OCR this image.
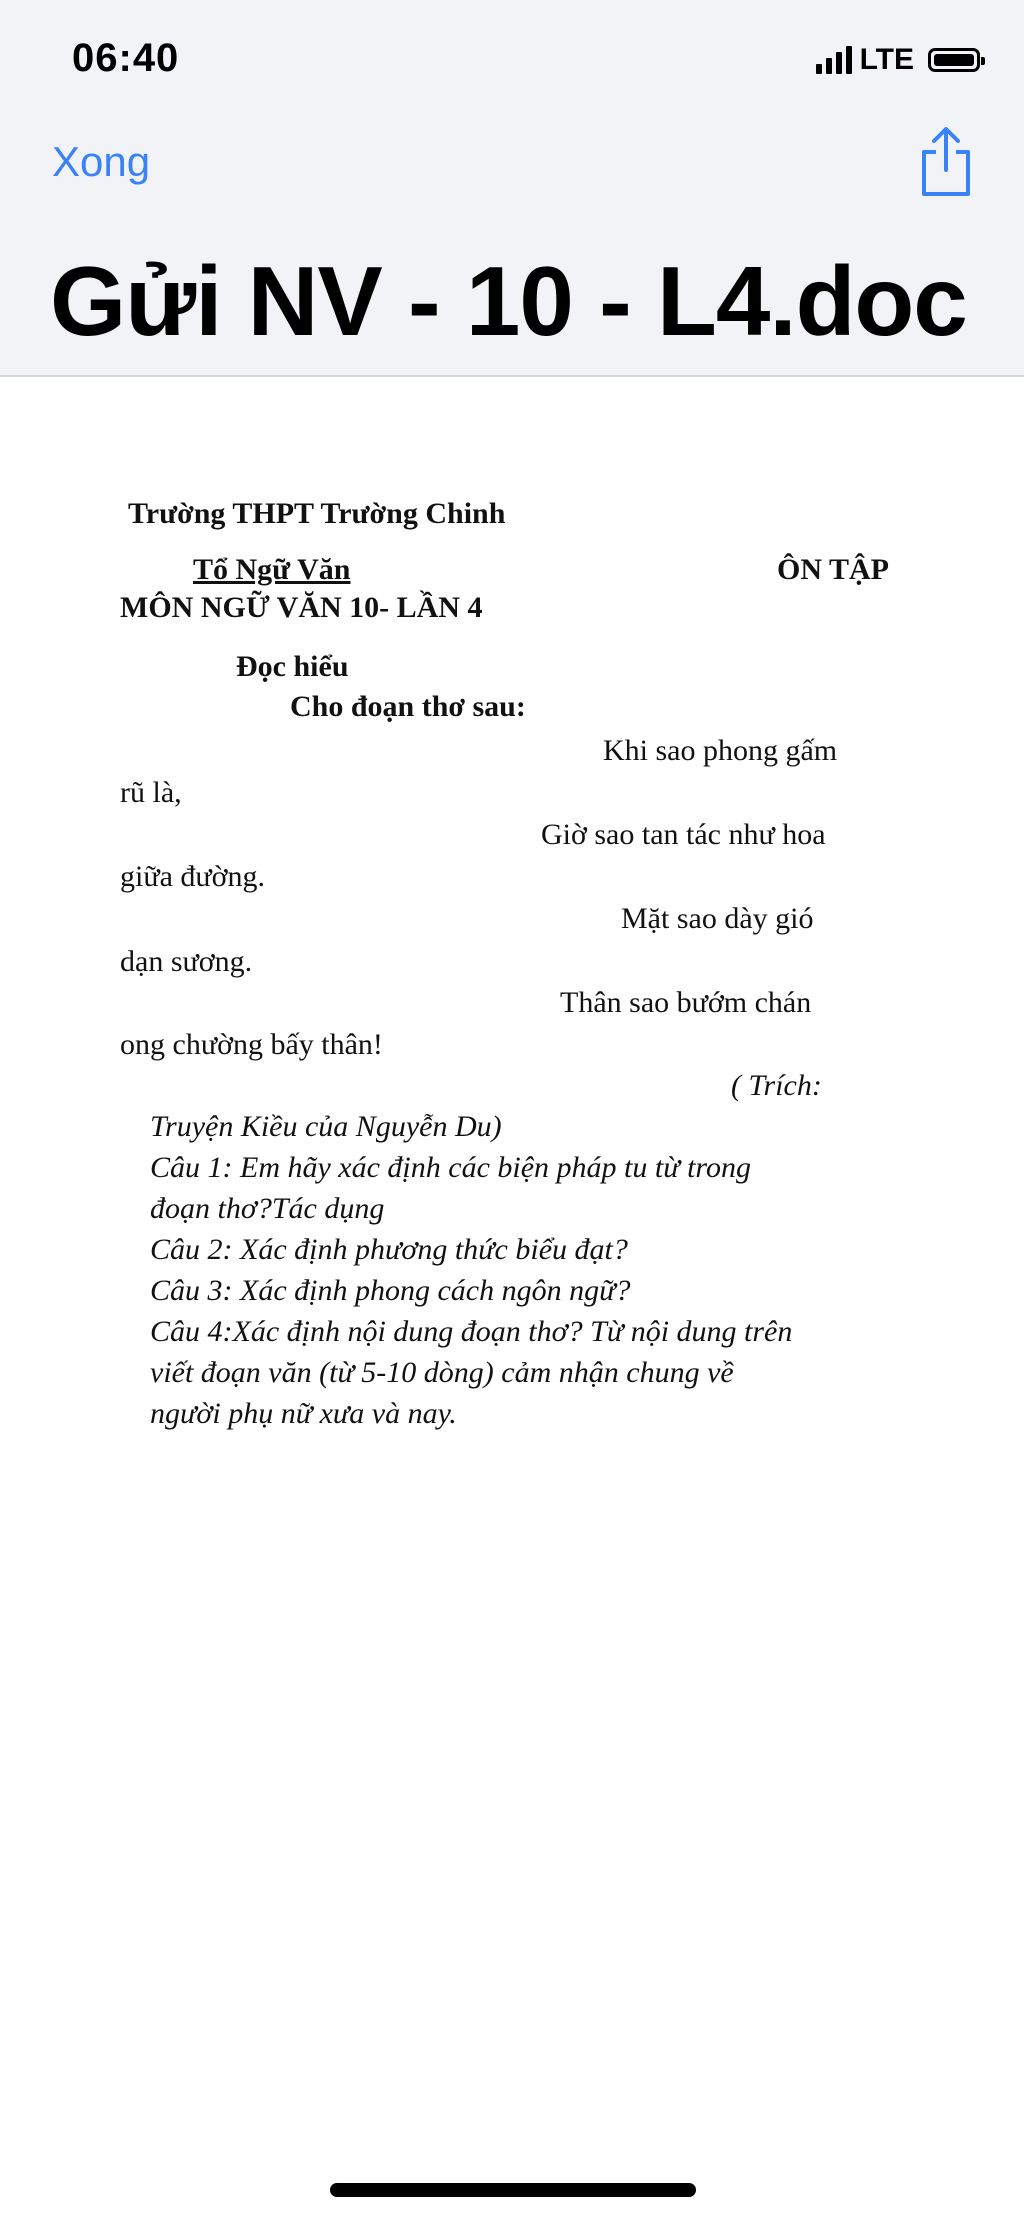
06:40	LTE
Xong
Gửi NV - 10 - L4.doc
Trường THPT Trường Chinh
Tổ Ngữ Văn	ÔN TẬP
MÔN NGỮ VĂN 10- LẦN 4
Đọc hiểu
Cho đoạn thơ sau:
Khi sao phong gấm
rũ là,
Giờ sao tan tác như hoa
giữa đường.
Mặt sao dày gió
dạn sương.
Thân sao bướm chán
ong chường bấy thân!
( Trích:
Truyện Kiều của Nguyễn Du)
Câu 1: Em hãy xác định các biện pháp tu từ trong
đoạn thơ?Tác dụng
Câu 2: Xác định phương thức biểu đạt?
Câu 3: Xác định phong cách ngôn ngữ?
Câu 4:Xác định nội dung đoạn thơ? Từ nội dung trên
viết đoạn văn (từ 5-10 dòng) cảm nhận chung về
người phụ nữ xưa và nay.
